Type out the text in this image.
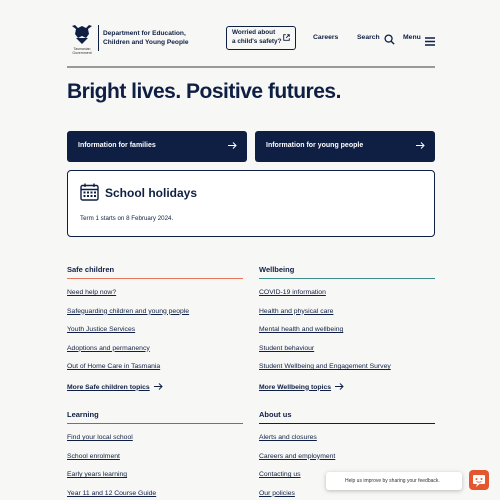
Tasmanian Government
Department for Education,
Children and Young People
Worried about
a child's safety?	Careers	Search	Menu
Bright lives. Positive futures.
Information for families	Information for young people
School holidays
Term 1 starts on 8 February 2024.
Safe children
Need help now?
Safeguarding children and young people
Youth Justice Services
Adoptions and permanency
Out of Home Care in Tasmania
More Safe children topics
Wellbeing
COVID-19 information
Health and physical care
Mental health and wellbeing
Student behaviour
Student Wellbeing and Engagement Survey
More Wellbeing topics
Learning
Find your local school
School enrolment
Early years learning
Year 11 and 12 Course Guide
About us
Alerts and closures
Careers and employment
Contacting us
Our policies
Help us improve by sharing your feedback.
